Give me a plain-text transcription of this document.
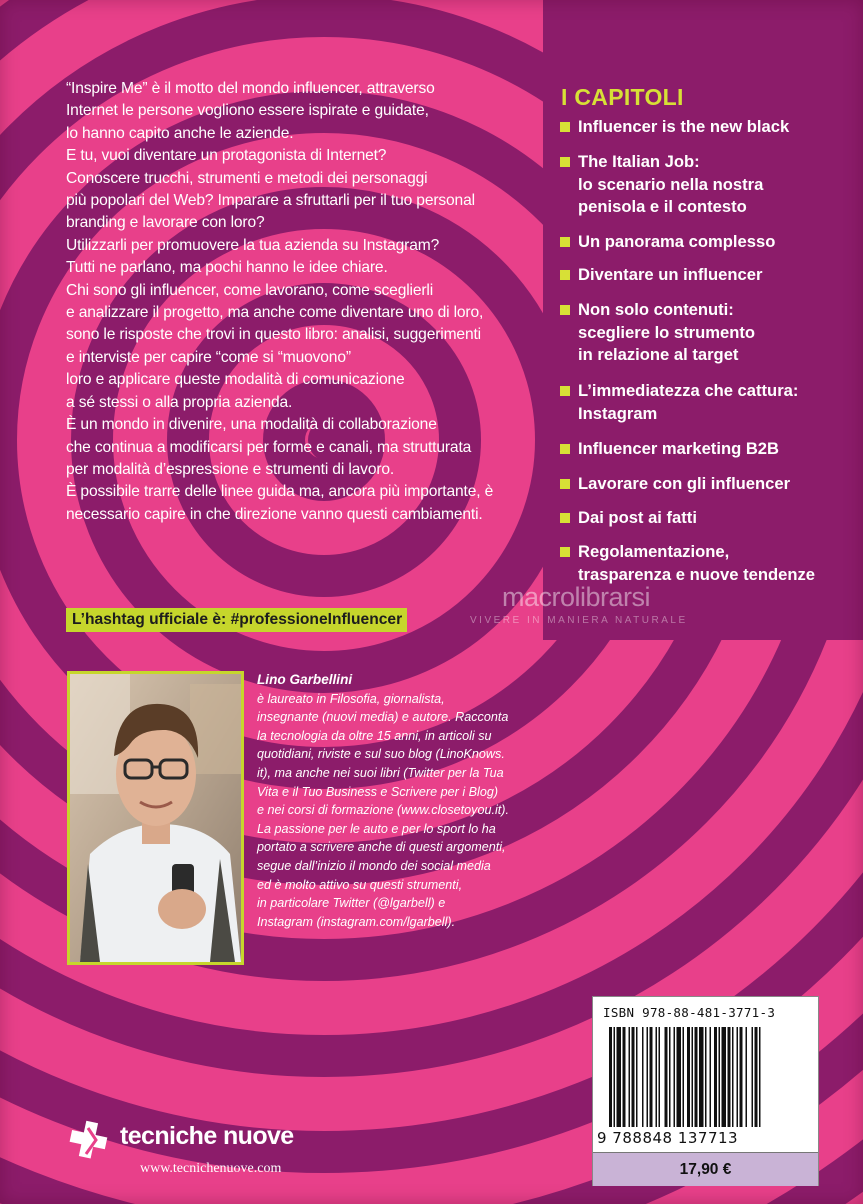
“Inspire Me” è il motto del mondo influencer, attraverso
Internet le persone vogliono essere ispirate e guidate,
lo hanno capito anche le aziende.
E tu, vuoi diventare un protagonista di Internet?
Conoscere trucchi, strumenti e metodi dei personaggi
più popolari del Web? Imparare a sfruttarli per il tuo personal
branding e lavorare con loro?
Utilizzarli per promuovere la tua azienda su Instagram?
Tutti ne parlano, ma pochi hanno le idee chiare.
Chi sono gli influencer, come lavorano, come sceglierli
e analizzare il progetto, ma anche come diventare uno di loro,
sono le risposte che trovi in questo libro: analisi, suggerimenti
e interviste per capire “come si “muovono”
loro e applicare queste modalità di comunicazione
a sé stessi o alla propria azienda.
È un mondo in divenire, una modalità di collaborazione
che continua a modificarsi per forme e canali, ma strutturata
per modalità d’espressione e strumenti di lavoro.
È possibile trarre delle linee guida ma, ancora più importante, è
necessario capire in che direzione vanno questi cambiamenti.
L’hashtag ufficiale è: #professioneInfluencer
I CAPITOLI
Influencer is the new black
The Italian Job:
lo scenario nella nostra
penisola e il contesto
Un panorama complesso
Diventare un influencer
Non solo contenuti:
scegliere lo strumento
in relazione al target
L’immediatezza che cattura:
Instagram
Influencer marketing B2B
Lavorare con gli influencer
Dai post ai fatti
Regolamentazione,
trasparenza e nuove tendenze
macrolibrarsi
VIVERE IN MANIERA NATURALE
Lino Garbellini
è laureato in Filosofia, giornalista,
insegnante (nuovi media) e autore. Racconta
la tecnologia da oltre 15 anni, in articoli su
quotidiani, riviste e sul suo blog (LinoKnows.
it), ma anche nei suoi libri (Twitter per la Tua
Vita e il Tuo Business e Scrivere per i Blog)
e nei corsi di formazione (www.closetoyou.it).
La passione per le auto e per lo sport lo ha
portato a scrivere anche di questi argomenti,
segue dall’inizio il mondo dei social media
ed è molto attivo su questi strumenti,
in particolare Twitter (@lgarbell) e
Instagram (instagram.com/lgarbell).
ISBN 978-88-481-3771-3
9 788848 137713
17,90 €
tecniche nuove
www.tecnichenuove.com
